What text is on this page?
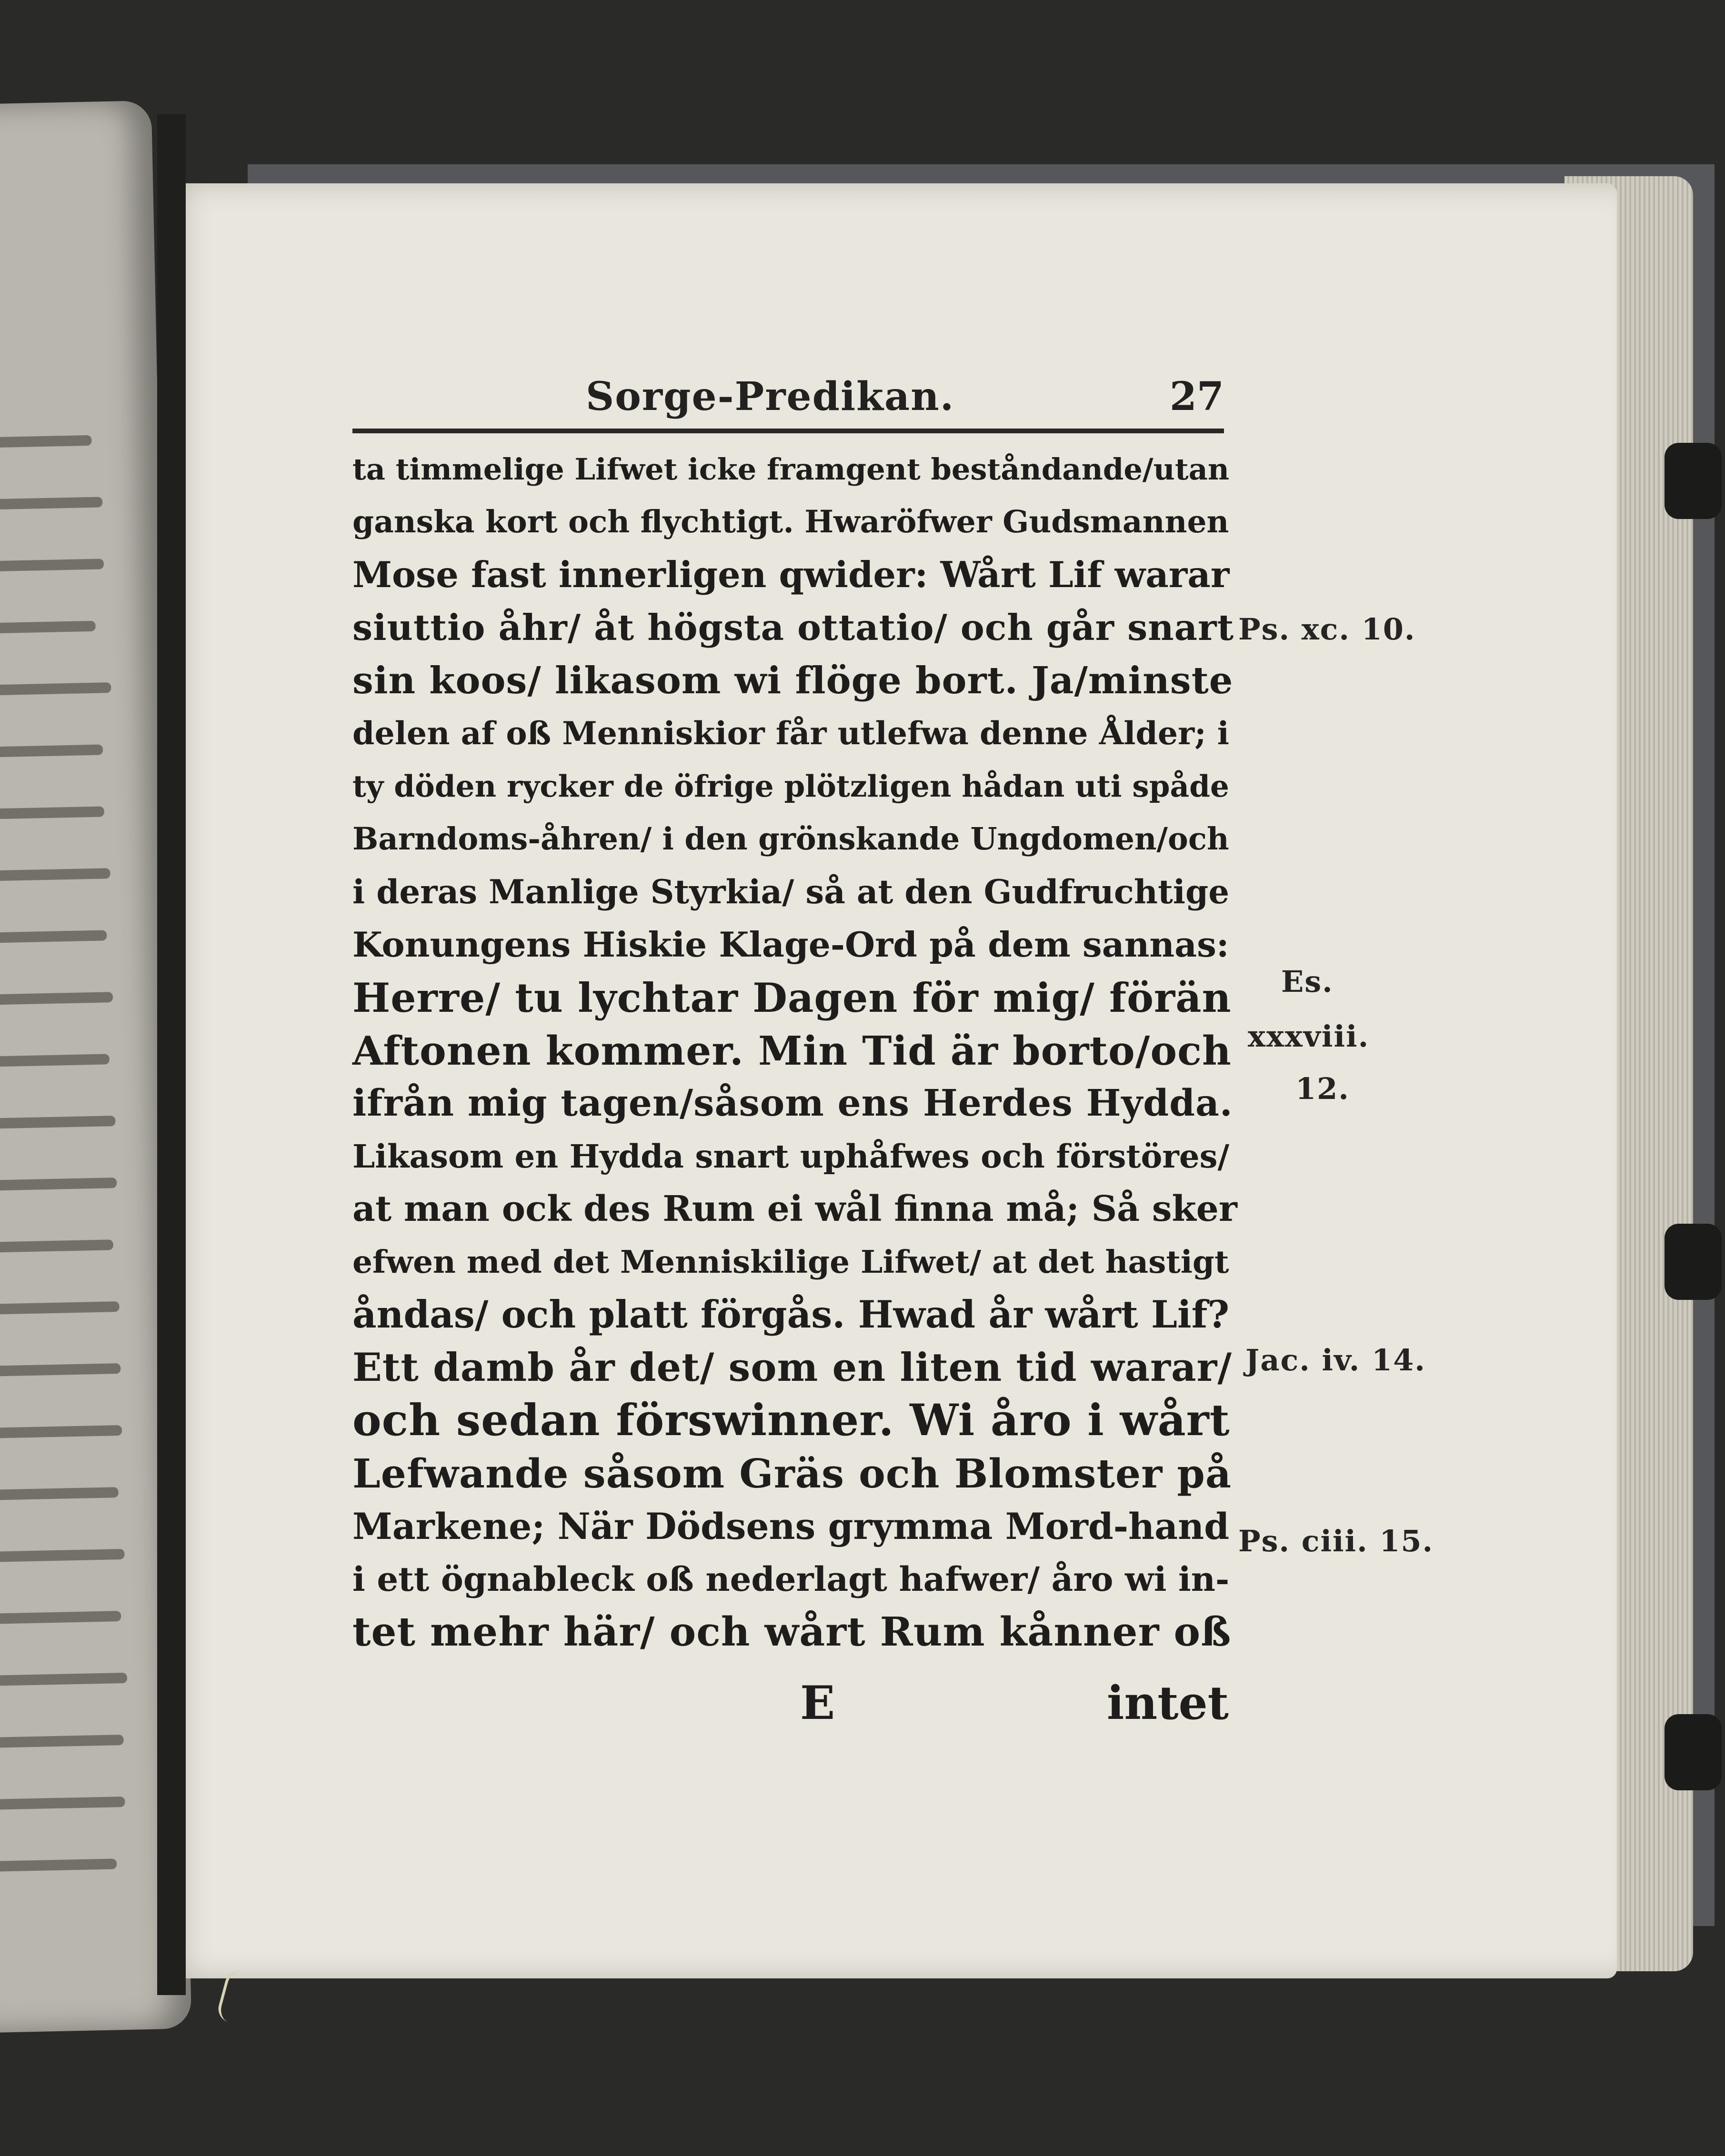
Sorge-Predikan.	27
ta timmelige Lifwet icke framgent beståndande/utan
ganska kort och flychtigt. Hwaröfwer Gudsmannen
Mose fast innerligen qwider: Wårt Lif warar
siuttio åhr/ åt högsta ottatio/ och går snart
sin koos/ likasom wi flöge bort. Ja/minste
delen af oß Menniskior får utlefwa denne Ålder; i
ty döden rycker de öfrige plötzligen hådan uti spåde
Barndoms-åhren/ i den grönskande Ungdomen/och
i deras Manlige Styrkia/ så at den Gudfruchtige
Konungens Hiskie Klage-Ord på dem sannas:
Herre/ tu lychtar Dagen för mig/ förän
Aftonen kommer. Min Tid är borto/och
ifrån mig tagen/såsom ens Herdes Hydda.
Likasom en Hydda snart uphåfwes och förstöres/
at man ock des Rum ei wål finna må; Så sker
efwen med det Menniskilige Lifwet/ at det hastigt
åndas/ och platt förgås. Hwad år wårt Lif?
Ett damb år det/ som en liten tid warar/
och sedan förswinner. Wi åro i wårt
Lefwande såsom Gräs och Blomster på
Markene; När Dödsens grymma Mord-hand
i ett ögnableck oß nederlagt hafwer/ åro wi in-
tet mehr här/ och wårt Rum kånner oß
E	intet
Ps. xc. 10.
Es.
xxxviii.
12.
Jac. iv. 14.
Ps. ciii. 15.
